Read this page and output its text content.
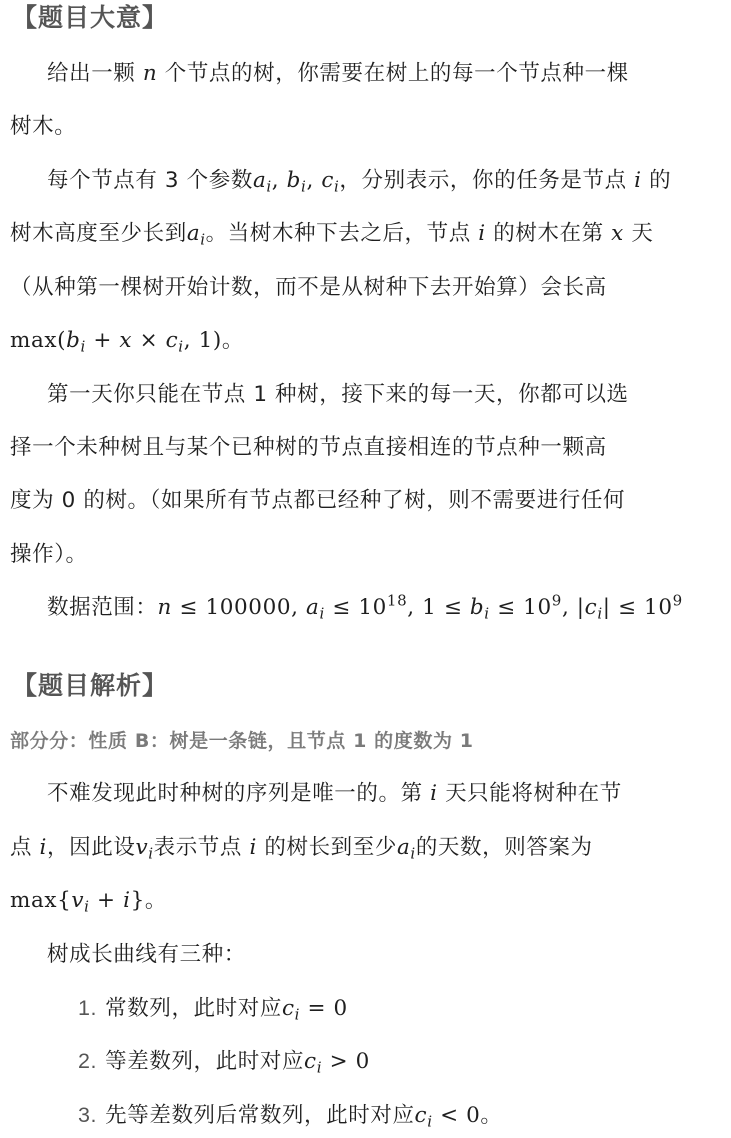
【题目大意】
给出一颗 n 个节点的树，你需要在树上的每一个节点种一棵
树木。
每个节点有 3 个参数$a_i$, $b_i$, $c_i$，分别表示，你的任务是节点 i 的
树木高度至少长到$a_i$。当树木种下去之后，节点 i 的树木在第 x 天
（从种第一棵树开始计数，而不是从树种下去开始算）会长高
$\max(b_i + x \times c_i$, 1)。
第一天你只能在节点 1 种树，接下来的每一天，你都可以选
择一个未种树且与某个已种树的节点直接相连的节点种一颗高
度为 0 的树。（如果所有节点都已经种了树，则不需要进行任何
操作）。
数据范围：n ≤ 100000, $a_i \le 10^{18}$, $1 \le b_i \le 10^9$, $|c_i| \le 10^9$
【题目解析】
部分分：性质 B：树是一条链，且节点 1 的度数为 1
不难发现此时种树的序列是唯一的。第 i 天只能将树种在节
点 i，因此设$v_i$表示节点 i 的树长到至少$a_i$的天数，则答案为
$\max\{v_i + i\}$。
树成长曲线有三种：
1. 常数列，此时对应$c_i = 0$
2. 等差数列，此时对应$c_i > 0$
3. 先等差数列后常数列，此时对应$c_i < 0$。
